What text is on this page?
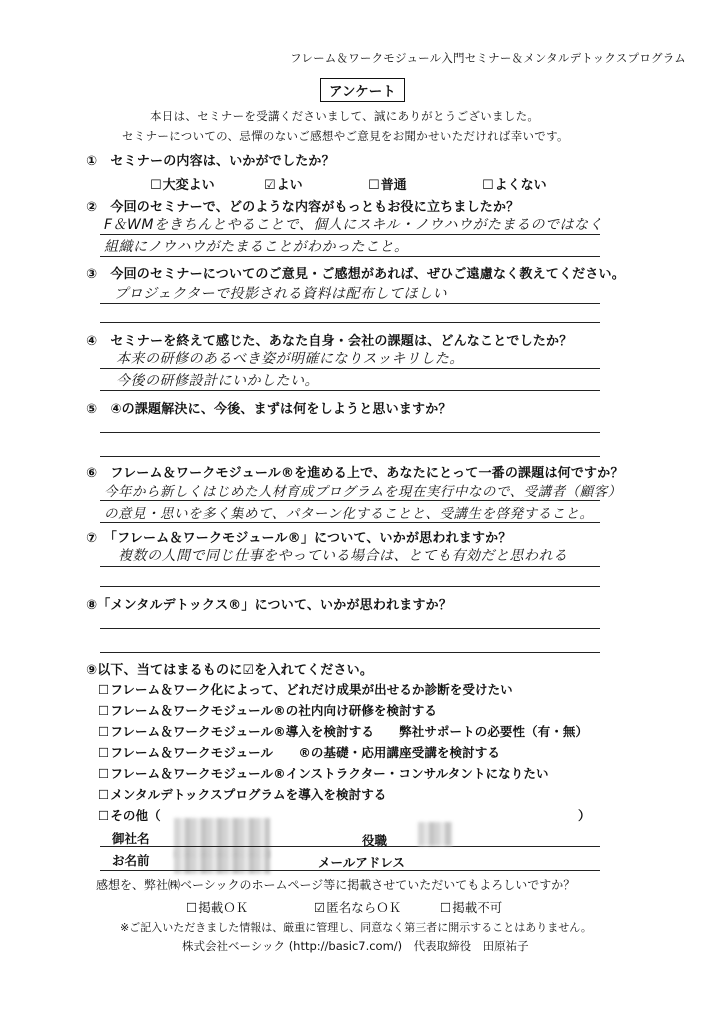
フレーム＆ワークモジュール入門セミナー＆メンタルデトックスプログラム
アンケート
本日は、セミナーを受講くださいまして、誠にありがとうございました。
セミナーについての、忌憚のないご感想やご意見をお聞かせいただければ幸いです。
①　セミナーの内容は、いかがでしたか？
☐大変よい	☑よい	☐普通	☐よくない
②　今回のセミナーで、どのような内容がもっともお役に立ちましたか？
F＆WMをきちんとやることで、個人にスキル・ノウハウがたまるのではなく
組織にノウハウがたまることがわかったこと。
③　今回のセミナーについてのご意見・ご感想があれば、ぜひご遠慮なく教えてください。
プロジェクターで投影される資料は配布してほしい
④　セミナーを終えて感じた、あなた自身・会社の課題は、どんなことでしたか？
本来の研修のあるべき姿が明確になりスッキリした。
今後の研修設計にいかしたい。
⑤　④の課題解決に、今後、まずは何をしようと思いますか？
⑥　フレーム＆ワークモジュール®を進める上で、あなたにとって一番の課題は何ですか？
今年から新しくはじめた人材育成プログラムを現在実行中なので、受講者（顧客）
の意見・思いを多く集めて、パターン化することと、受講生を啓発すること。
⑦　「フレーム＆ワークモジュール®」について、いかが思われますか？
複数の人間で同じ仕事をやっている場合は、とても有効だと思われる
⑧「メンタルデトックス®」について、いかが思われますか？
⑨以下、当てはまるものに☑を入れてください。
☐フレーム＆ワーク化によって、どれだけ成果が出せるか診断を受けたい
☐フレーム＆ワークモジュール®の社内向け研修を検討する
☐フレーム＆ワークモジュール®導入を検討する　　弊社サポートの必要性（有・無）
☐フレーム＆ワークモジュール　　®の基礎・応用講座受講を検討する
☐フレーム＆ワークモジュール®インストラクター・コンサルタントになりたい
☐メンタルデトックスプログラムを導入を検討する
☐その他（	）
御社名	役職
お名前	メールアドレス
感想を、弊社㈱ベーシックのホームページ等に掲載させていただいてもよろしいですか？
☐掲載ＯＫ	☑匿名ならＯＫ	☐掲載不可
※ご記入いただきました情報は、厳重に管理し、同意なく第三者に開示することはありません。
株式会社ベーシック (http://basic7.com/)　代表取締役　田原祐子
